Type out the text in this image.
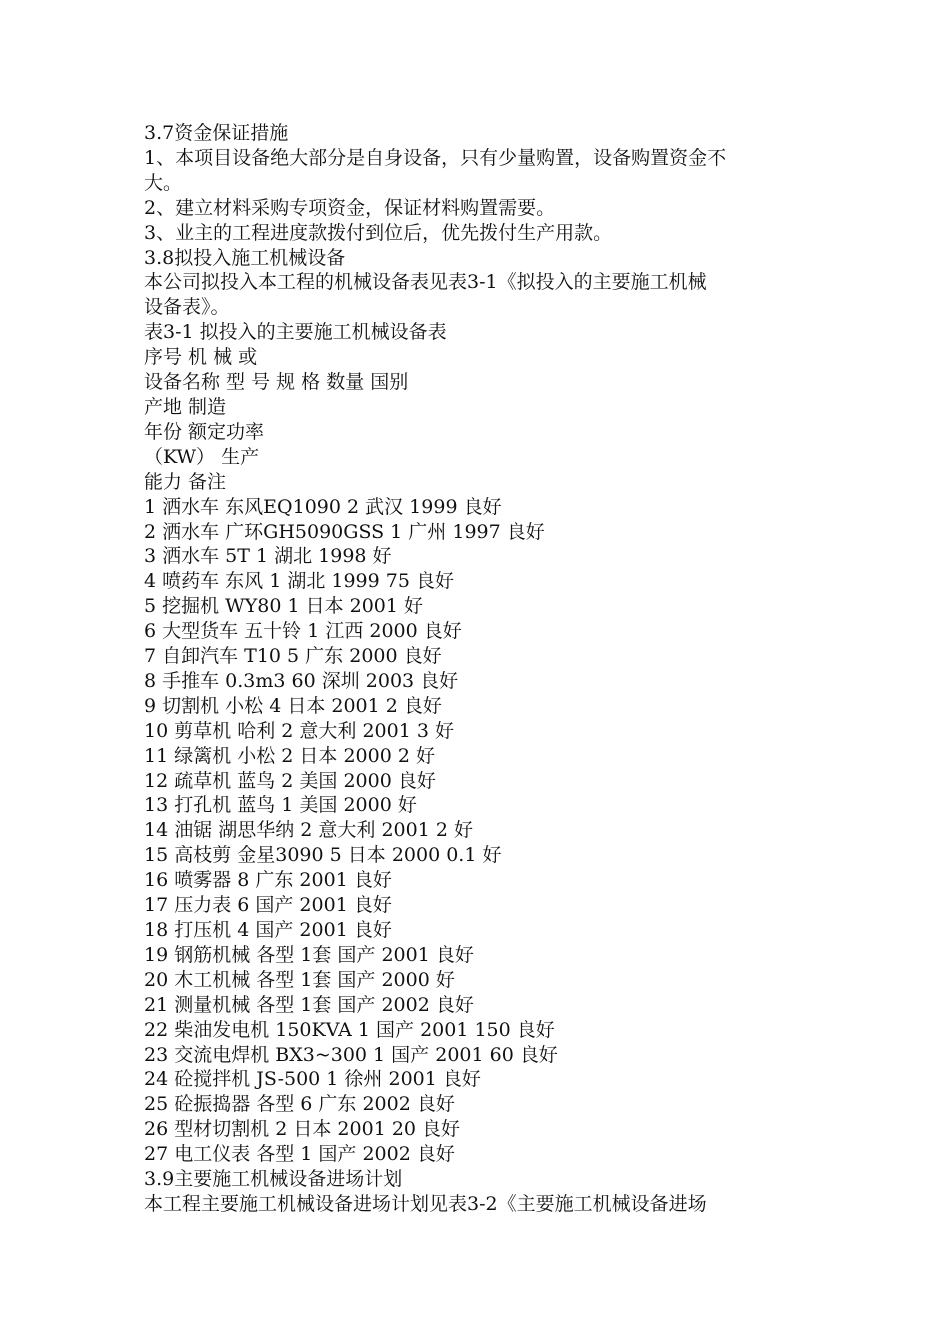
3.7资金保证措施
1、本项目设备绝大部分是自身设备，只有少量购置，设备购置资金不
大。
2、建立材料采购专项资金，保证材料购置需要。
3、业主的工程进度款拨付到位后，优先拨付生产用款。
3.8拟投入施工机械设备
本公司拟投入本工程的机械设备表见表3-1《拟投入的主要施工机械
设备表》。
表3-1 拟投入的主要施工机械设备表
序号 机 械 或
设备名称 型 号 规 格 数量 国别
产地 制造
年份 额定功率
（KW） 生产
能力 备注
1 洒水车 东风EQ1090 2 武汉 1999 良好
2 洒水车 广环GH5090GSS 1 广州 1997 良好
3 洒水车 5T 1 湖北 1998 好
4 喷药车 东风 1 湖北 1999 75 良好
5 挖掘机 WY80 1 日本 2001 好
6 大型货车 五十铃 1 江西 2000 良好
7 自卸汽车 T10 5 广东 2000 良好
8 手推车 0.3m3 60 深圳 2003 良好
9 切割机 小松 4 日本 2001 2 良好
10 剪草机 哈利 2 意大利 2001 3 好
11 绿篱机 小松 2 日本 2000 2 好
12 疏草机 蓝鸟 2 美国 2000 良好
13 打孔机 蓝鸟 1 美国 2000 好
14 油锯 湖思华纳 2 意大利 2001 2 好
15 高枝剪 金星3090 5 日本 2000 0.1 好
16 喷雾器 8 广东 2001 良好
17 压力表 6 国产 2001 良好
18 打压机 4 国产 2001 良好
19 钢筋机械 各型 1套 国产 2001 良好
20 木工机械 各型 1套 国产 2000 好
21 测量机械 各型 1套 国产 2002 良好
22 柴油发电机 150KVA 1 国产 2001 150 良好
23 交流电焊机 BX3~300 1 国产 2001 60 良好
24 砼搅拌机 JS-500 1 徐州 2001 良好
25 砼振捣器 各型 6 广东 2002 良好
26 型材切割机 2 日本 2001 20 良好
27 电工仪表 各型 1 国产 2002 良好
3.9主要施工机械设备进场计划
本工程主要施工机械设备进场计划见表3-2《主要施工机械设备进场
